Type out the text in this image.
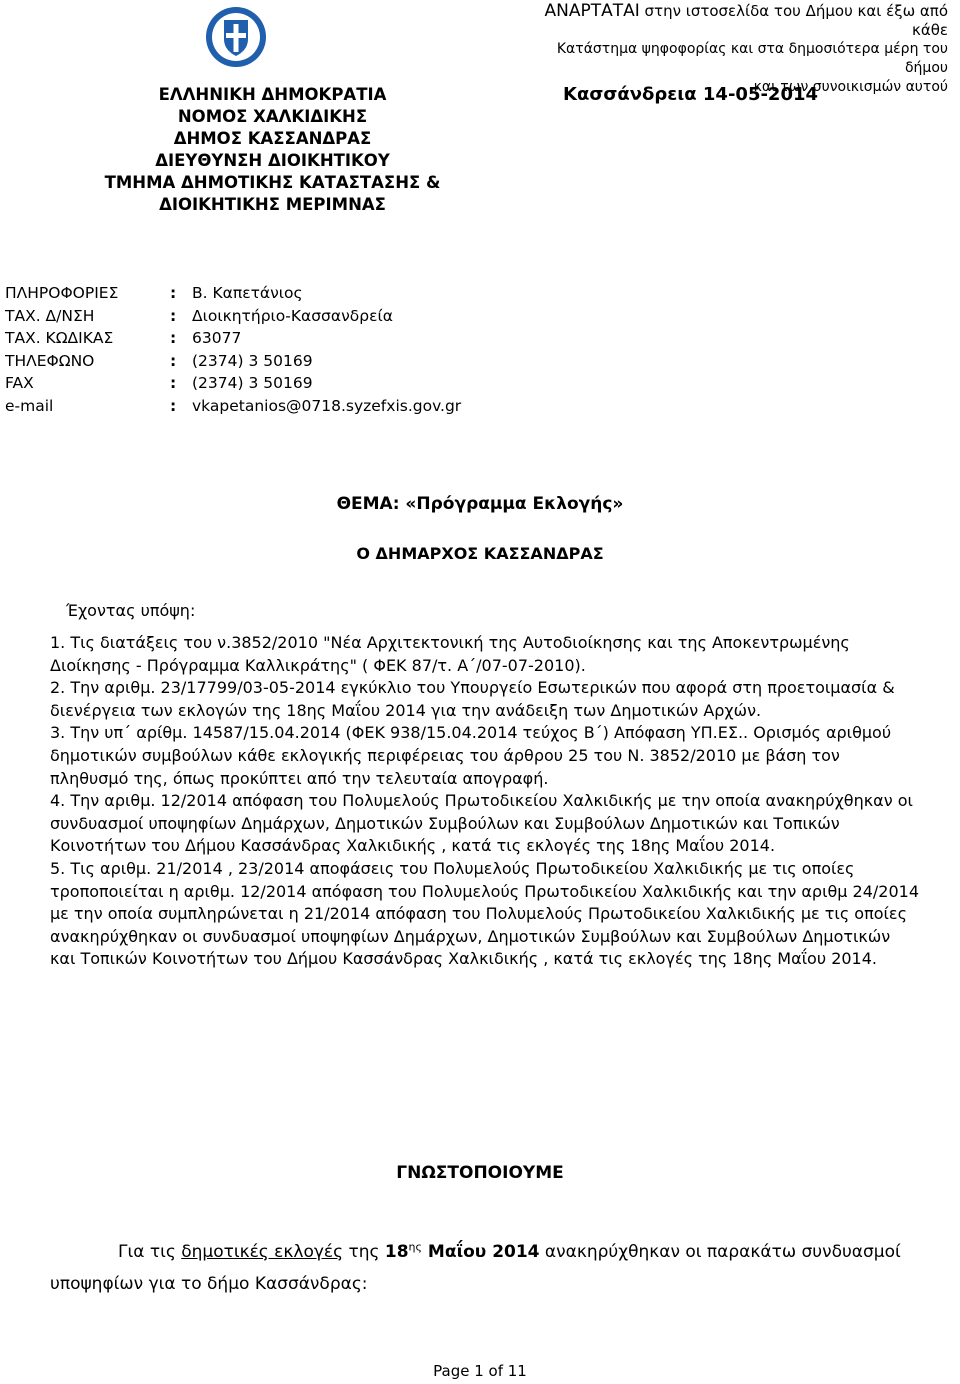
ΑΝΑΡΤΑΤΑΙ στην ιστοσελίδα του Δήμου και έξω από κάθε
Κατάστημα ψηφοφορίας και στα δημοσιότερα μέρη του δήμου
και των συνοικισμών αυτού
ΕΛΛΗΝΙΚΗ ΔΗΜΟΚΡΑΤΙΑ
ΝΟΜΟΣ ΧΑΛΚΙΔΙΚΗΣ
ΔΗΜΟΣ ΚΑΣΣΑΝΔΡΑΣ
ΔΙΕΥΘΥΝΣΗ ΔΙΟΙΚΗΤΙΚΟΥ
ΤΜΗΜΑ ΔΗΜΟΤΙΚΗΣ ΚΑΤΑΣΤΑΣΗΣ &
ΔΙΟΙΚΗΤΙΚΗΣ ΜΕΡΙΜΝΑΣ
Κασσάνδρεια 14-05-2014
ΠΛΗΡΟΦΟΡΙΕΣ	:	Β. Καπετάνιος
ΤΑΧ. Δ/ΝΣΗ	:	Διοικητήριο-Κασσανδρεία
ΤΑΧ. ΚΩΔΙΚΑΣ	:	63077
ΤΗΛΕΦΩΝΟ	:	(2374) 3 50169
FAX	:	(2374) 3 50169
e-mail	:	vkapetanios@0718.syzefxis.gov.gr
ΘΕΜΑ: «Πρόγραμμα Εκλογής»
Ο ΔΗΜΑΡΧΟΣ ΚΑΣΣΑΝΔΡΑΣ
Έχοντας υπόψη:

1. Τις διατάξεις του ν.3852/2010 "Νέα Αρχιτεκτονική της Αυτοδιοίκησης και της Αποκεντρωμένης Διοίκησης - Πρόγραμμα Καλλικράτης" ( ΦΕΚ 87/τ. Α΄/07-07-2010).

2. Την αριθμ. 23/17799/03-05-2014 εγκύκλιο του Υπουργείο Εσωτερικών που αφορά στη προετοιμασία & διενέργεια των εκλογών της 18ης Μαΐου 2014 για την ανάδειξη των Δημοτικών Αρχών.

3. Την υπ΄ αρίθμ. 14587/15.04.2014 (ΦΕΚ 938/15.04.2014 τεύχος Β΄) Απόφαση ΥΠ.ΕΣ.. Ορισμός αριθμού δημοτικών συμβούλων κάθε εκλογικής περιφέρειας του άρθρου 25 του Ν. 3852/2010 με βάση τον πληθυσμό της, όπως προκύπτει από την τελευταία απογραφή.

4. Την αριθμ. 12/2014 απόφαση του Πολυμελούς Πρωτοδικείου Χαλκιδικής με την οποία ανακηρύχθηκαν οι συνδυασμοί υποψηφίων Δημάρχων, Δημοτικών Συμβούλων και Συμβούλων Δημοτικών και Τοπικών Κοινοτήτων του Δήμου Κασσάνδρας Χαλκιδικής , κατά τις εκλογές της 18ης Μαΐου 2014.

5. Τις αριθμ. 21/2014 , 23/2014 αποφάσεις του Πολυμελούς Πρωτοδικείου Χαλκιδικής με τις οποίες τροποποιείται η αριθμ. 12/2014 απόφαση του Πολυμελούς Πρωτοδικείου Χαλκιδικής και την αριθμ 24/2014 με την οποία συμπληρώνεται η 21/2014 απόφαση του Πολυμελούς Πρωτοδικείου Χαλκιδικής με τις οποίες ανακηρύχθηκαν οι συνδυασμοί υποψηφίων Δημάρχων, Δημοτικών Συμβούλων και Συμβούλων Δημοτικών και Τοπικών Κοινοτήτων του Δήμου Κασσάνδρας Χαλκιδικής , κατά τις εκλογές της 18ης Μαΐου 2014.

ΓΝΩΣΤΟΠΟΙΟΥΜΕ
Για τις δημοτικές εκλογές της $18^{\eta\varsigma}$ Μαΐου 2014 ανακηρύχθηκαν οι παρακάτω συνδυασμοί
υποψηφίων για το δήμο Κασσάνδρας:
Page 1 of 11
